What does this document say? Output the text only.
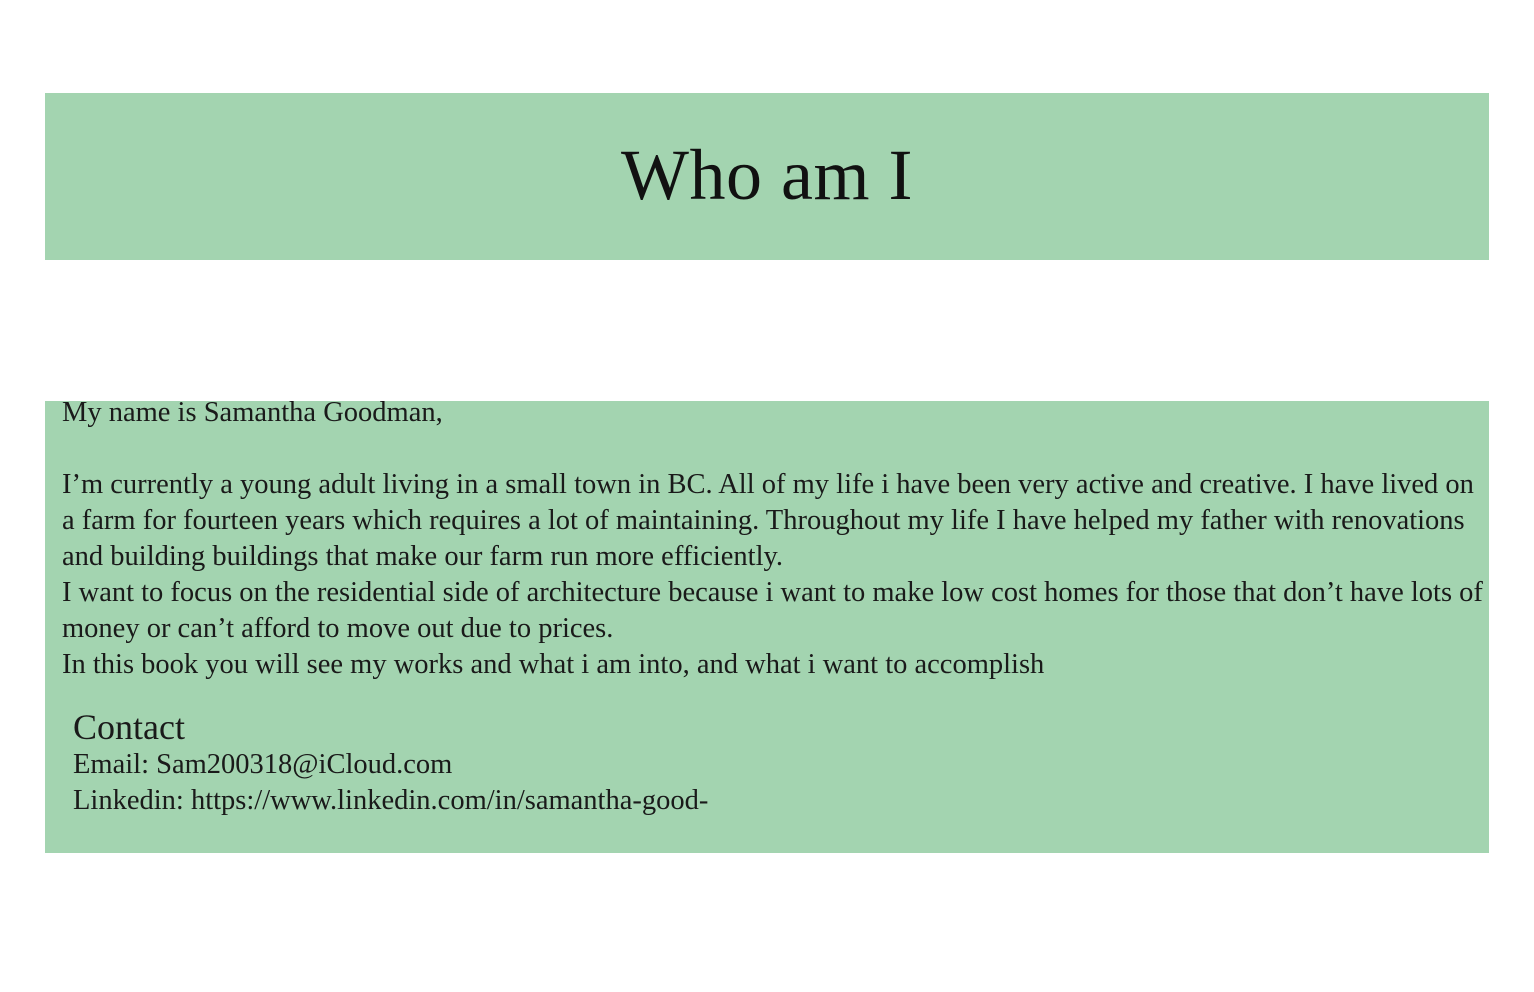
Who am I

My name is Samantha Goodman,

I’m currently a young adult living in a small town in BC. All of my life i have been very active and creative. I have lived on a farm for fourteen years which requires a lot of maintaining. Throughout my life I have helped my father with renovations and building buildings that make our farm run more efficiently.

I want to focus on the residential side of architecture because i want to make low cost homes for those that don’t have lots of money or can’t afford to move out due to prices.

In this book you will see my works and what i am into, and what i want to accomplish

Contact

Email: Sam200318@iCloud.com

Linkedin: https://www.linkedin.com/in/samantha-good-
